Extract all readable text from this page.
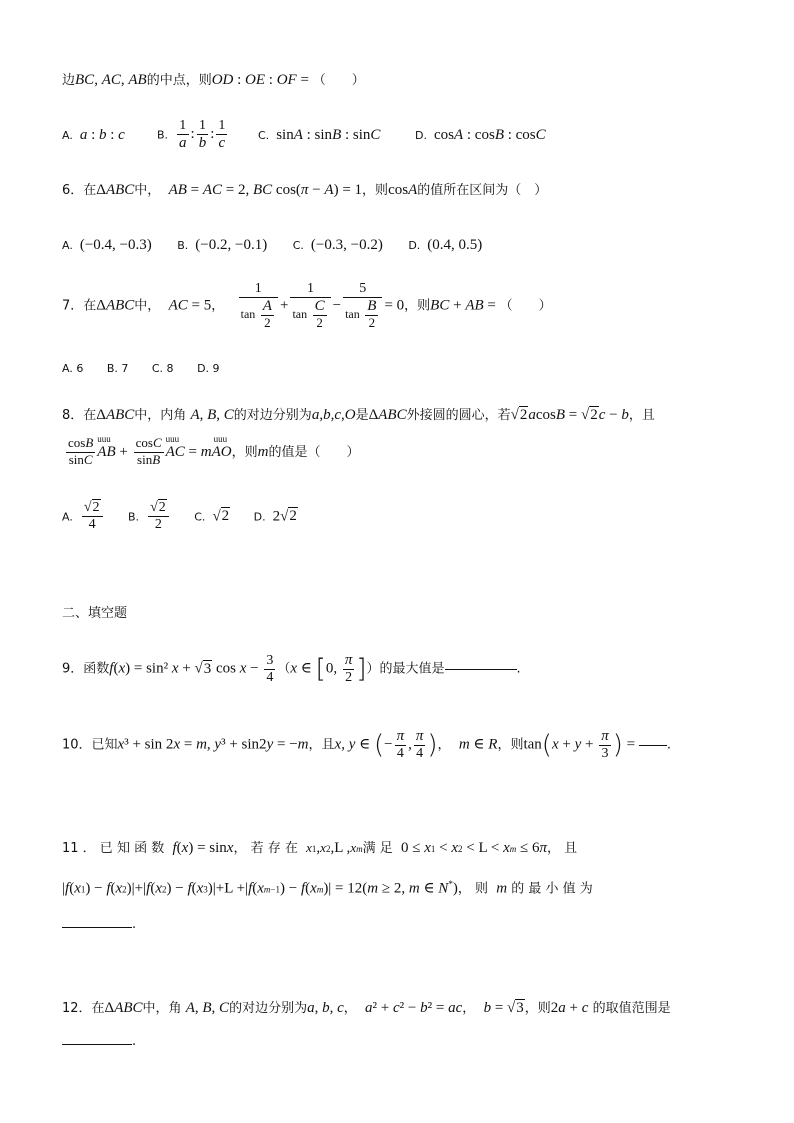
边BC, AC, AB的中点，则OD : OE : OF = （　　）
A. a : b : c	B. $\frac{1}{a}$ : $\frac{1}{b}$ : $\frac{1}{c}$	C. sinA : sinB : sinC	D. cosA : cosB : cosC
6．在ΔABC中， AB = AC = 2, BC cos(π − A) = 1，则cosA的值所在区间为（　）
A. (−0.4, −0.3) B. (−0.2, −0.1) C. (−0.3, −0.2) D. (0.4, 0.5)
7．在ΔABC中， AC = 5， $\frac{1}{\tan \frac{A}{2}} + \frac{1}{\tan \frac{C}{2}} - \frac{5}{\tan \frac{B}{2}} = 0$，则BC + AB = （　　）
A. 6 B. 7 C. 8 D. 9
8．在ΔABC中，内角 A, B, C的对边分别为a,b,c,O是ΔABC外接圆的圆心，若√2acosB = √2c − b，且
$\frac{\cos B}{\sin C}$ uuu
AB + $\frac{\cos C}{\sin B}$ uuu
AC = m
uuu
AO，则m的值是（　　）
A. $\frac{√2}{4} B$. $\frac{√2}{2} C$. √2 D. 2√2
二、填空题
9．函数f(x) = sin² x + √3 $\cos x - \frac{3}{4} (x$ ∈ [0, $\frac{\pi}{2}$ ]）的最大值是	.
10．已知x³ + sin 2x = m, y³ + sin2y = −m，且x, y ∈ (− $\frac{\pi}{4}$ , $\frac{\pi}{4}$ )， m ∈ R，则$\tan(x + y + \frac{\pi}{3}$ ) = .
11 ． 已 知 函 数 f(x) = sinx， 若 存 在 x1,x2,L ,xm满 足 0 ≤ x1 < x2 < L < xm ≤ 6π， 且
|f(x1) − f(x2)|+|f(x2) − f(x3)|+L +|f(xm−1) − f(xm)| = 12(m ≥ 2, m ∈ N*)， 则 m 的 最 小 值 为
.
12．在ΔABC中，角 A, B, C的对边分别为a, b, c， a² + c² − b² = ac， b = √3，则2a + c 的取值范围是
.
